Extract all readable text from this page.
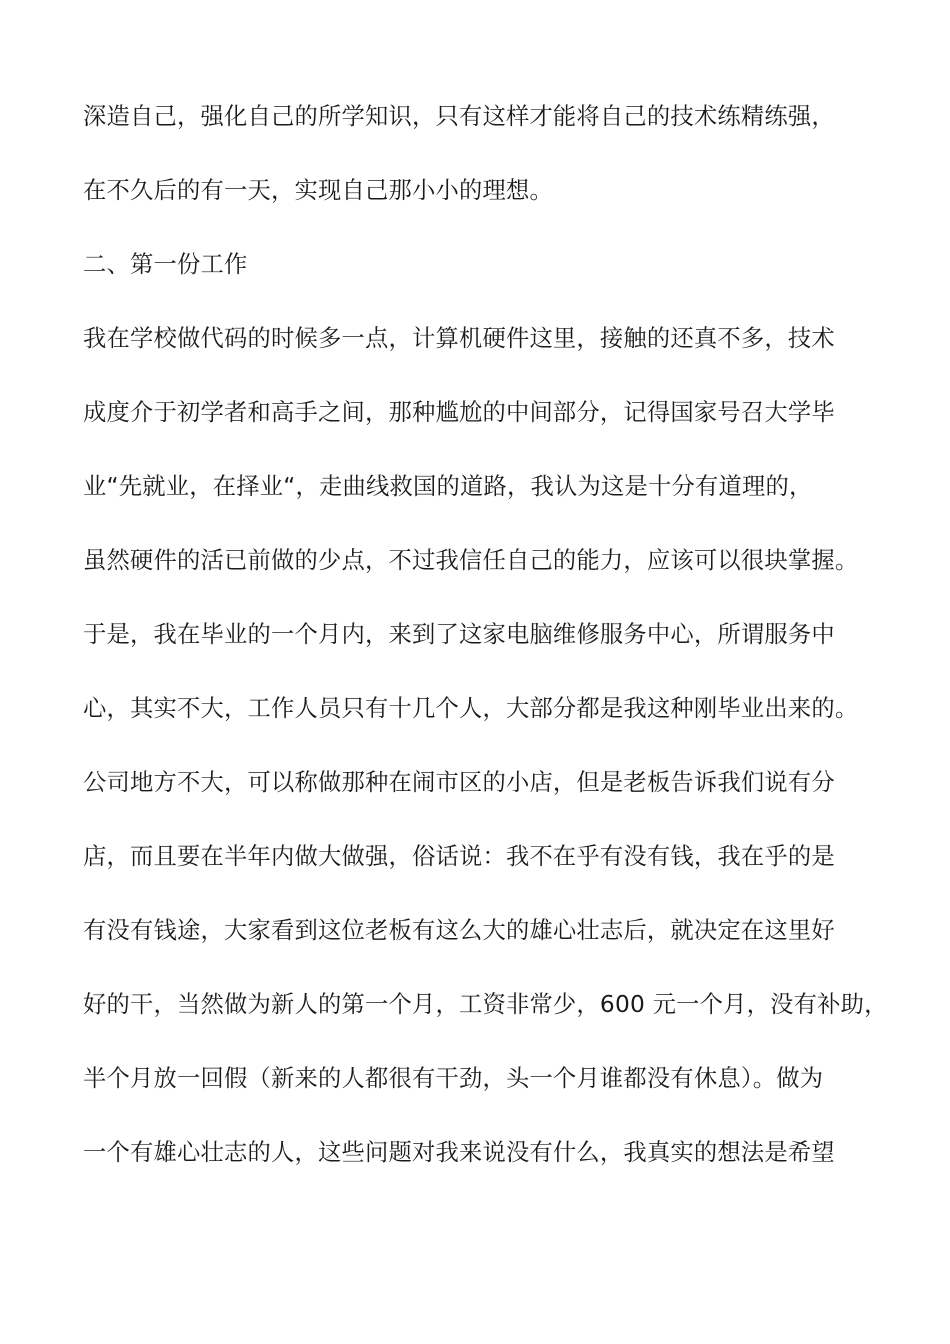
深造自己，强化自己的所学知识，只有这样才能将自己的技术练精练强，
在不久后的有一天，实现自己那小小的理想。
二、第一份工作
我在学校做代码的时候多一点，计算机硬件这里，接触的还真不多，技术
成度介于初学者和高手之间，那种尴尬的中间部分，记得国家号召大学毕
业“先就业，在择业“，走曲线救国的道路，我认为这是十分有道理的，
虽然硬件的活已前做的少点，不过我信任自己的能力，应该可以很块掌握。
于是，我在毕业的一个月内，来到了这家电脑维修服务中心，所谓服务中
心，其实不大，工作人员只有十几个人，大部分都是我这种刚毕业出来的。
公司地方不大，可以称做那种在闹市区的小店，但是老板告诉我们说有分
店，而且要在半年内做大做强，俗话说：我不在乎有没有钱，我在乎的是
有没有钱途，大家看到这位老板有这么大的雄心壮志后，就决定在这里好
好的干，当然做为新人的第一个月，工资非常少，600 元一个月，没有补助，
半个月放一回假（新来的人都很有干劲，头一个月谁都没有休息）。做为
一个有雄心壮志的人，这些问题对我来说没有什么，我真实的想法是希望
